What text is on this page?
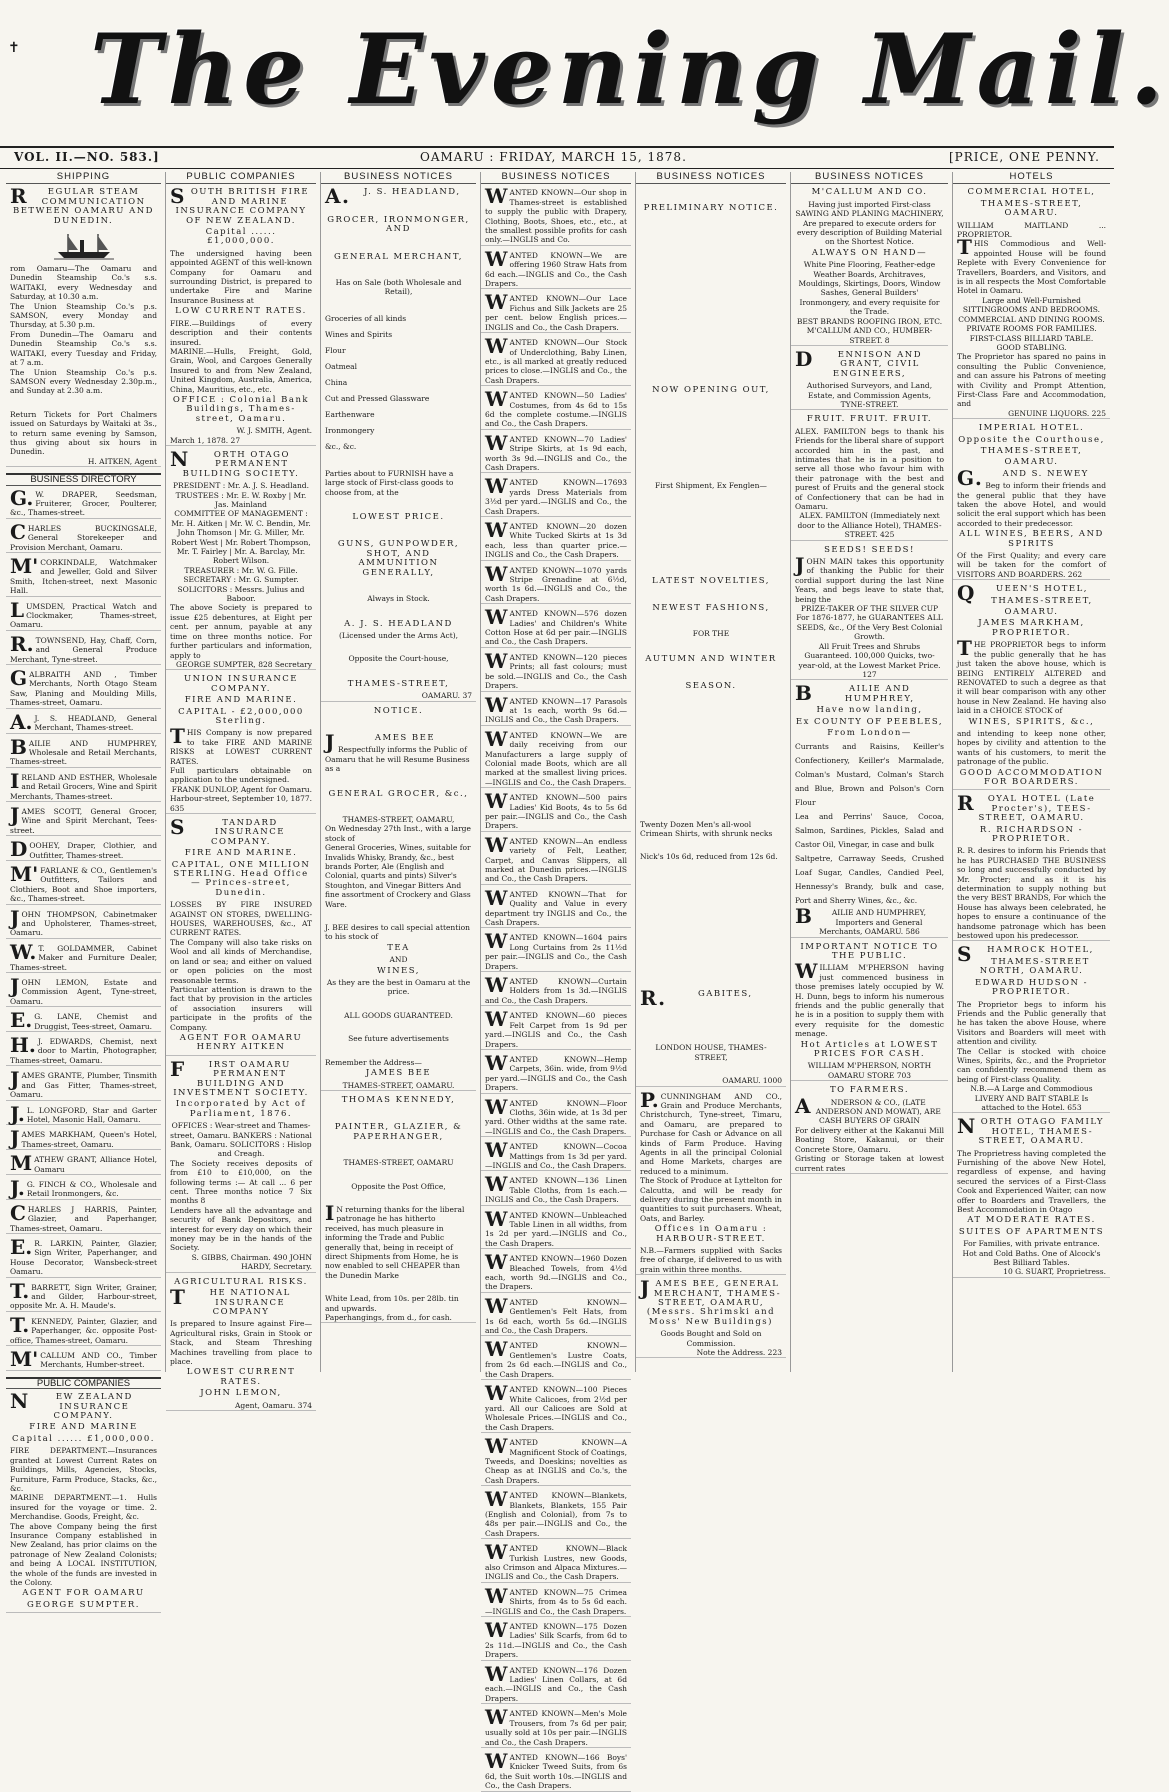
✝ The Evening Mail.
VOL. II.—NO. 583.]	OAMARU : FRIDAY, MARCH 15, 1878.	[PRICE, ONE PENNY.
SHIPPING
REGULAR STEAM COMMUNICATION BETWEEN OAMARU AND DUNEDIN.
rom Oamaru—The Oamaru and Dunedin Steamship Co.'s s.s. WAITAKI, every Wednesday and Saturday, at 10.30 a.m.
The Union Steamship Co.'s p.s. SAMSON, every Monday and Thursday, at 5.30 p.m.
From Dunedin—The Oamaru and Dunedin Steamship Co.'s s.s. WAITAKI, every Tuesday and Friday, at 7 a.m.
The Union Steamship Co.'s p.s. SAMSON every Wednesday 2.30p.m., and Sunday at 2.30 a.m.
Return Tickets for Port Chalmers issued on Saturdays by Waitaki at 3s., to return same evening by Samson, thus giving about six hours in Dunedin.
H. AITKEN, Agent
BUSINESS DIRECTORY
G.W. DRAPER, Seedsman, Fruiterer, Grocer, Poulterer, &c., Thames-street.
CHARLES BUCKINGSALE, General Storekeeper and Provision Merchant, Oamaru.
M'CORKINDALE, Watchmaker and Jeweller, Gold and Silver Smith, Itchen-street, next Masonic Hall.
LUMSDEN, Practical Watch and Clockmaker, Thames-street, Oamaru.
R.TOWNSEND, Hay, Chaff, Corn, and General Produce Merchant, Tyne-street.
GALBRAITH AND , Timber Merchants, North Otago Steam Saw, Planing and Moulding Mills, Thames-street, Oamaru.
A.J. S. HEADLAND, General Merchant, Thames-street.
BAILIE AND HUMPHREY, Wholesale and Retail Merchants, Thames-street.
IRELAND AND ESTHER, Wholesale and Retail Grocers, Wine and Spirit Merchants, Thames-street.
JAMES SCOTT, General Grocer, Wine and Spirit Merchant, Tees-street.
DOOHEY, Draper, Clothier, and Outfitter, Thames-street.
M'FARLANE & CO., Gentlemen's Outfitters, Tailors and Clothiers, Boot and Shoe importers, &c., Thames-street.
JOHN THOMPSON, Cabinetmaker and Upholsterer, Thames-street, Oamaru.
W.T. GOLDAMMER, Cabinet Maker and Furniture Dealer, Thames-street.
JOHN LEMON, Estate and Commission Agent, Tyne-street, Oamaru.
E.G. LANE, Chemist and Druggist, Tees-street, Oamaru.
H.J. EDWARDS, Chemist, next door to Martin, Photographer, Thames-street, Oamaru.
JAMES GRANTE, Plumber, Tinsmith and Gas Fitter, Thames-street, Oamaru.
J.L. LONGFORD, Star and Garter Hotel, Masonic Hall, Oamaru.
JAMES MARKHAM, Queen's Hotel, Thames-street, Oamaru.
MATHEW GRANT, Alliance Hotel, Oamaru
J.G. FINCH & CO., Wholesale and Retail Ironmongers, &c.
CHARLES J HARRIS, Painter, Glazier, and Paperhanger, Thames-street, Oamaru.
E.R. LARKIN, Painter, Glazier, Sign Writer, Paperhanger, and House Decorator, Wansbeck-street Oamaru.
T.BARRETT, Sign Writer, Grainer, and Gilder, Harbour-street, opposite Mr. A. H. Maude's.
T.KENNEDY, Painter, Glazier, and Paperhanger, &c. opposite Post-office, Thames-street, Oamaru.
M'CALLUM AND CO., Timber Merchants, Humber-street.
PUBLIC COMPANIES
NEW ZEALAND INSURANCE COMPANY.
FIRE AND MARINE
Capital ...... £1,000,000.
FIRE DEPARTMENT.—Insurances granted at Lowest Current Rates on Buildings, Mills, Agencies, Stocks, Furniture, Farm Produce, Stacks, &c., &c.
MARINE DEPARTMENT.—1. Hulls insured for the voyage or time. 2. Merchandise. Goods, Freight, &c.
The above Company being the first Insurance Company established in New Zealand, has prior claims on the patronage of New Zealand Colonists; and being A LOCAL INSTITUTION, the whole of the funds are invested in the Colony.
AGENT FOR OAMARU
GEORGE SUMPTER.
PUBLIC COMPANIES
SOUTH BRITISH FIRE AND MARINE INSURANCE COMPANY OF NEW ZEALAND.
Capital ...... £1,000,000.
The undersigned having been appointed AGENT of this well-known Company for Oamaru and surrounding District, is prepared to undertake Fire and Marine Insurance Business at
LOW CURRENT RATES.
FIRE.—Buildings of every description and their contents insured.
MARINE.—Hulls, Freight, Gold, Grain, Wool, and Cargoes Generally Insured to and from New Zealand, United Kingdom, Australia, America, China, Mauritius, etc., etc.
OFFICE : Colonial Bank Buildings, Thames-street, Oamaru.
W. J. SMITH, Agent.
March 1, 1878. 27
NORTH OTAGO PERMANENT BUILDING SOCIETY.
PRESIDENT : Mr. A. J. S. Headland. TRUSTEES : Mr. E. W. Roxby | Mr. Jas. Mainland
COMMITTEE OF MANAGEMENT : Mr. H. Aitken | Mr. W. C. Bendin, Mr. John Thomson | Mr. G. Miller, Mr. Robert West | Mr. Robert Thompson, Mr. T. Fairley | Mr. A. Barclay, Mr. Robert Wilson.
TREASURER : Mr. W. G. Fille. SECRETARY : Mr. G. Sumpter. SOLICITORS : Messrs. Julius and Baboor.
The above Society is prepared to issue £25 debentures, at Eight per cent. per annum, payable at any time on three months notice. For further particulars and information, apply to
GEORGE SUMPTER, 828 Secretary
UNION INSURANCE COMPANY.
FIRE AND MARINE.
CAPITAL - £2,000,000 Sterling.
THIS Company is now prepared to take FIRE AND MARINE RISKS at LOWEST CURRENT RATES.
Full particulars obtainable on application to the undersigned.
FRANK DUNLOP, Agent for Oamaru.
Harbour-street, September 10, 1877. 635
STANDARD INSURANCE COMPANY.
FIRE AND MARINE.
CAPITAL, ONE MILLION STERLING. Head Office — Princes-street, Dunedin.
LOSSES BY FIRE INSURED AGAINST ON STORES, DWELLING-HOUSES, WAREHOUSES, &c., AT CURRENT RATES.
The Company will also take risks on Wool and all kinds of Merchandise, on land or sea; and either on valued or open policies on the most reasonable terms.
Particular attention is drawn to the fact that by provision in the articles of association insurers will participate in the profits of the Company.
AGENT FOR OAMARU HENRY AITKEN
FIRST OAMARU PERMANENT BUILDING AND INVESTMENT SOCIETY.
Incorporated by Act of Parliament, 1876.
OFFICES : Wear-street and Thames-street, Oamaru. BANKERS : National Bank, Oamaru. SOLICITORS : Hislop and Creagh.
The Society receives deposits of from £10 to £10,000, on the following terms :— At call ... 6 per cent. Three months notice 7 Six months 8
Lenders have all the advantage and security of Bank Depositors, and interest for every day on which their money may be in the hands of the Society.
S. GIBBS, Chairman. 490 JOHN HARDY, Secretary.
AGRICULTURAL RISKS.
THE NATIONAL INSURANCE COMPANY
Is prepared to Insure against Fire—Agricultural risks, Grain in Stook or Stack, and Steam Threshing Machines travelling from place to place.
LOWEST CURRENT RATES.
JOHN LEMON,
Agent, Oamaru. 374
BUSINESS NOTICES
A.J. S. HEADLAND,
GROCER, IRONMONGER, AND
GENERAL MERCHANT,
Has on Sale (both Wholesale and Retail),
Groceries of all kinds
Wines and Spirits
Flour
Oatmeal
China
Cut and Pressed Glassware
Earthenware
Ironmongery
&c., &c.
Parties about to FURNISH have a large stock of First-class goods to choose from, at the
LOWEST PRICE.
GUNS, GUNPOWDER, SHOT, AND AMMUNITION GENERALLY,
Always in Stock.
A. J. S. HEADLAND
(Licensed under the Arms Act),
Opposite the Court-house,
THAMES-STREET,
OAMARU. 37
NOTICE.
JAMES BEE
Respectfully informs the Public of Oamaru that he will Resume Business as a
GENERAL GROCER, &c.,
THAMES-STREET, OAMARU,
On Wednesday 27th Inst., with a large stock of
General Groceries, Wines, suitable for Invalids Whisky, Brandy, &c., best brands Porter, Ale (English and Colonial, quarts and pints) Silver's Stoughton, and Vinegar Bitters And fine assortment of Crockery and Glass Ware.
J. BEE desires to call special attention to his stock of
TEA
AND
WINES,
As they are the best in Oamaru at the price.
ALL GOODS GUARANTEED.
See future advertisements
Remember the Address—
JAMES BEE
THAMES-STREET, OAMARU.
THOMAS KENNEDY,
PAINTER, GLAZIER, & PAPERHANGER,
THAMES-STREET, OAMARU
Opposite the Post Office,
IN returning thanks for the liberal patronage he has hitherto received, has much pleasure in informing the Trade and Public generally that, being in receipt of direct Shipments from Home, he is now enabled to sell CHEAPER than the Dunedin Marke
White Lead, from 10s. per 28lb. tin and upwards.
Paperhangings, from d., for cash.
BUSINESS NOTICES
WANTED KNOWN—Our shop in Thames-street is established to supply the public with Drapery, Clothing, Boots, Shoes, etc., etc., at the smallest possible profits for cash only.—INGLIS and Co.
WANTED KNOWN—We are offering 1960 Straw Hats from 6d each.—INGLIS and Co., the Cash Drapers.
WANTED KNOWN—Our Lace Fichus and Silk Jackets are 25 per cent. below English prices.—INGLIS and Co., the Cash Drapers.
WANTED KNOWN—Our Stock of Underclothing, Baby Linen, etc., is all marked at greatly reduced prices to close.—INGLIS and Co., the Cash Drapers.
WANTED KNOWN—50 Ladies' Costumes, from 4s 6d to 15s 6d the complete costume.—INGLIS and Co., the Cash Drapers.
WANTED KNOWN—70 Ladies' Stripe Skirts, at 1s 9d each, worth 3s 9d.—INGLIS and Co., the Cash Drapers.
WANTED KNOWN—17693 yards Dress Materials from 3½d per yard.—INGLIS and Co., the Cash Drapers.
WANTED KNOWN—20 dozen White Tucked Skirts at 1s 3d each, less than quarter price.—INGLIS and Co., the Cash Drapers.
WANTED KNOWN—1070 yards Stripe Grenadine at 6½d, worth 1s 6d.—INGLIS and Co., the Cash Drapers.
WANTED KNOWN—576 dozen Ladies' and Children's White Cotton Hose at 6d per pair.—INGLIS and Co., the Cash Drapers.
WANTED KNOWN—120 pieces Prints; all fast colours; must be sold.—INGLIS and Co., the Cash Drapers.
WANTED KNOWN—17 Parasols at 1s each, worth 9s 6d.—INGLIS and Co., the Cash Drapers.
WANTED KNOWN—We are daily receiving from our Manufacturers a large supply of Colonial made Boots, which are all marked at the smallest living prices.—INGLIS and Co., the Cash Drapers.
WANTED KNOWN—500 pairs Ladies' Kid Boots, 4s to 5s 6d per pair.—INGLIS and Co., the Cash Drapers.
WANTED KNOWN—An endless variety of Felt, Leather, Carpet, and Canvas Slippers, all marked at Dunedin prices.—INGLIS and Co., the Cash Drapers.
WANTED KNOWN—That for Quality and Value in every department try INGLIS and Co., the Cash Drapers.
WANTED KNOWN—1604 pairs Long Curtains from 2s 11½d per pair.—INGLIS and Co., the Cash Drapers.
WANTED KNOWN—Curtain Holders from 1s 3d.—INGLIS and Co., the Cash Drapers.
WANTED KNOWN—60 pieces Felt Carpet from 1s 9d per yard.—INGLIS and Co., the Cash Drapers.
WANTED KNOWN—Hemp Carpets, 36in. wide, from 9½d per yard.—INGLIS and Co., the Cash Drapers.
WANTED KNOWN—Floor Cloths, 36in wide, at 1s 3d per yard. Other widths at the same rate.—INGLIS and Co., the Cash Drapers.
WANTED KNOWN—Cocoa Mattings from 1s 3d per yard.—INGLIS and Co., the Cash Drapers.
WANTED KNOWN—136 Linen Table Cloths, from 1s each.—INGLIS and Co., the Cash Drapers.
WANTED KNOWN—Unbleached Table Linen in all widths, from 1s 2d per yard.—INGLIS and Co., the Cash Drapers.
WANTED KNOWN—1960 Dozen Bleached Towels, from 4½d each, worth 9d.—INGLIS and Co., the Drapers.
WANTED KNOWN—Gentlemen's Felt Hats, from 1s 6d each, worth 5s 6d.—INGLIS and Co., the Cash Drapers.
WANTED KNOWN—Gentlemen's Lustre Coats, from 2s 6d each.—INGLIS and Co., the Cash Drapers.
WANTED KNOWN—100 Pieces White Calicoes, from 2½d per yard. All our Calicoes are Sold at Wholesale Prices.—INGLIS and Co., the Cash Drapers.
WANTED KNOWN—A Magnificent Stock of Coatings, Tweeds, and Doeskins; novelties as Cheap as at INGLIS and Co.'s, the Cash Drapers.
WANTED KNOWN—Blankets, Blankets, Blankets, 155 Pair (English and Colonial), from 7s to 48s per pair.—INGLIS and Co., the Cash Drapers.
WANTED KNOWN—Black Turkish Lustres, new Goods, also Crimson and Alpaca Mixtures.—INGLIS and Co., the Cash Drapers.
WANTED KNOWN—75 Crimea Shirts, from 4s to 5s 6d each.—INGLIS and Co., the Cash Drapers.
WANTED KNOWN—175 Dozen Ladies' Silk Scarfs, from 6d to 2s 11d.—INGLIS and Co., the Cash Drapers.
WANTED KNOWN—176 Dozen Ladies' Linen Collars, at 6d each.—INGLIS and Co., the Cash Drapers.
WANTED KNOWN—Men's Mole Trousers, from 7s 6d per pair, usually sold at 10s per pair.—INGLIS and Co., the Cash Drapers.
WANTED KNOWN—166 Boys' Knicker Tweed Suits, from 6s 6d, the Suit worth 10s.—INGLIS and Co., the Cash Drapers.
BUSINESS NOTICES
PRELIMINARY NOTICE.
NOW OPENING OUT,
First Shipment, Ex Fenglen—
LATEST NOVELTIES,
NEWEST FASHIONS,
FOR THE
AUTUMN AND WINTER
SEASON.
Twenty Dozen Men's all-wool Crimean Shirts, with shrunk necks
Nick's 10s 6d, reduced from 12s 6d.
R.GABITES,
LONDON HOUSE, THAMES-STREET,
OAMARU. 1000
P.CUNNINGHAM AND CO., Grain and Produce Merchants, Christchurch, Tyne-street, Timaru, and Oamaru, are prepared to Purchase for Cash or Advance on all kinds of Farm Produce. Having Agents in all the principal Colonial and Home Markets, charges are reduced to a minimum.
The Stock of Produce at Lyttelton for Calcutta, and will be ready for delivery during the present month in quantities to suit purchasers. Wheat, Oats, and Barley.
Offices in Oamaru : HARBOUR-STREET.
N.B.—Farmers supplied with Sacks free of charge, if delivered to us with grain within three months.
JAMES BEE, GENERAL MERCHANT, THAMES-STREET, OAMARU, (Messrs. Shrimski and Moss' New Buildings)
Goods Bought and Sold on Commission.
Note the Address. 223
BUSINESS NOTICES
M'CALLUM AND CO.
Having just imported First-class SAWING AND PLANING MACHINERY,
Are prepared to execute orders for every description of Building Material on the Shortest Notice.
ALWAYS ON HAND—
White Pine Flooring, Feather-edge Weather Boards, Architraves, Mouldings, Skirtings, Doors, Window Sashes, General Builders' Ironmongery, and every requisite for the Trade.
BEST BRANDS ROOFING IRON, ETC.
M'CALLUM AND CO., HUMBER-STREET. 8
DENNISON AND GRANT, CIVIL ENGINEERS,
Authorised Surveyors, and Land, Estate, and Commission Agents, TYNE-STREET.
FRUIT. FRUIT. FRUIT.
ALEX. FAMILTON begs to thank his Friends for the liberal share of support accorded him in the past, and intimates that he is in a position to serve all those who favour him with their patronage with the best and purest of Fruits and the general stock of Confectionery that can be had in Oamaru.
ALEX. FAMILTON (Immediately next door to the Alliance Hotel), THAMES-STREET. 425
SEEDS! SEEDS!
JOHN MAIN takes this opportunity of thanking the Public for their cordial support during the last Nine Years, and begs leave to state that, being the
PRIZE-TAKER OF THE SILVER CUP For 1876-1877, he GUARANTEES ALL SEEDS, &c., Of the Very Best Colonial Growth.
All Fruit Trees and Shrubs Guaranteed. 100,000 Quicks, two-year-old, at the Lowest Market Price. 127
BAILIE AND HUMPHREY,
Have now landing,
Ex COUNTY OF PEEBLES,
From London—
Currants and Raisins, Keiller's Confectionery, Keiller's Marmalade, Colman's Mustard, Colman's Starch and Blue, Brown and Polson's Corn Flour
Lea and Perrins' Sauce, Cocoa, Salmon, Sardines, Pickles, Salad and Castor Oil, Vinegar, in case and bulk
Saltpetre, Carraway Seeds, Crushed Loaf Sugar, Candles, Candied Peel, Hennessy's Brandy, bulk and case, Port and Sherry Wines, &c., &c.
BAILIE AND HUMPHREY, Importers and General Merchants, OAMARU. 586
IMPORTANT NOTICE TO THE PUBLIC.
WILLIAM M'PHERSON having just commenced business in those premises lately occupied by W. H. Dunn, begs to inform his numerous friends and the public generally that he is in a position to supply them with every requisite for the domestic menage.
Hot Articles at LOWEST PRICES FOR CASH.
WILLIAM M'PHERSON, NORTH OAMARU STORE 703
TO FARMERS.
ANDERSON & CO., (LATE ANDERSON AND MOWAT), ARE CASH BUYERS OF GRAIN
For delivery either at the Kakanui Mill Boating Store, Kakanui, or their Concrete Store, Oamaru.
Gristing or Storage taken at lowest current rates
HOTELS
COMMERCIAL HOTEL,
THAMES-STREET, OAMARU.
WILLIAM MAITLAND ... PROPRIETOR.
THIS Commodious and Well-appointed House will be found Replete with Every Convenience for Travellers, Boarders, and Visitors, and is in all respects the Most Comfortable Hotel in Oamaru.
Large and Well-Furnished SITTINGROOMS AND BEDROOMS. COMMERCIAL AND DINING ROOMS. PRIVATE ROOMS FOR FAMILIES. FIRST-CLASS BILLIARD TABLE. GOOD STABLING.
The Proprietor has spared no pains in consulting the Public Convenience, and can assure his Patrons of meeting with Civility and Prompt Attention, First-Class Fare and Accommodation, and
GENUINE LIQUORS. 225
IMPERIAL HOTEL.
Opposite the Courthouse,
THAMES-STREET,
OAMARU.
G.AND S. NEWEY
Beg to inform their friends and the general public that they have taken the above Hotel, and would solicit the eral support which has been accorded to their predecessor.
ALL WINES, BEERS, AND SPIRITS
Of the First Quality; and every care will be taken for the comfort of VISITORS AND BOARDERS. 262
QUEEN'S HOTEL,
THAMES-STREET,
OAMARU.
JAMES MARKHAM, PROPRIETOR.
THE PROPRIETOR begs to inform the public generally that he has just taken the above house, which is BEING ENTIRELY ALTERED and RENOVATED to such a degree as that it will bear comparison with any other house in New Zealand. He having also laid in a CHOICE STOCK of
WINES, SPIRITS, &c.,
and intending to keep none other, hopes by civility and attention to the wants of his customers, to merit the patronage of the public.
GOOD ACCOMMODATION FOR BOARDERS.
ROYAL HOTEL (Late Procter's), TEES-STREET, OAMARU.
R. RICHARDSON - PROPRIETOR.
R. R. desires to inform his Friends that he has PURCHASED THE BUSINESS so long and successfully conducted by Mr. Procter; and as it is his determination to supply nothing but the very BEST BRANDS, For which the House has always been celebrated, he hopes to ensure a continuance of the handsome patronage which has been bestowed upon his predecessor.
SHAMROCK HOTEL,
THAMES-STREET NORTH, OAMARU.
EDWARD HUDSON - PROPRIETOR.
The Proprietor begs to inform his Friends and the Public generally that he has taken the above House, where Visitors and Boarders will meet with attention and civility.
The Cellar is stocked with choice Wines, Spirits, &c., and the Proprietor can confidently recommend them as being of First-class Quality.
N.B.—A Large and Commodious LIVERY AND BAIT STABLE Is attached to the Hotel. 653
NORTH OTAGO FAMILY HOTEL, THAMES-STREET, OAMARU.
The Proprietress having completed the Furnishing of the above New Hotel, regardless of expense, and having secured the services of a First-Class Cook and Experienced Waiter, can now offer to Boarders and Travellers, the Best Accommodation in Otago
AT MODERATE RATES.
SUITES OF APARTMENTS
For Families, with private entrance. Hot and Cold Baths. One of Alcock's Best Billiard Tables.
10 G. SUART, Proprietress.
